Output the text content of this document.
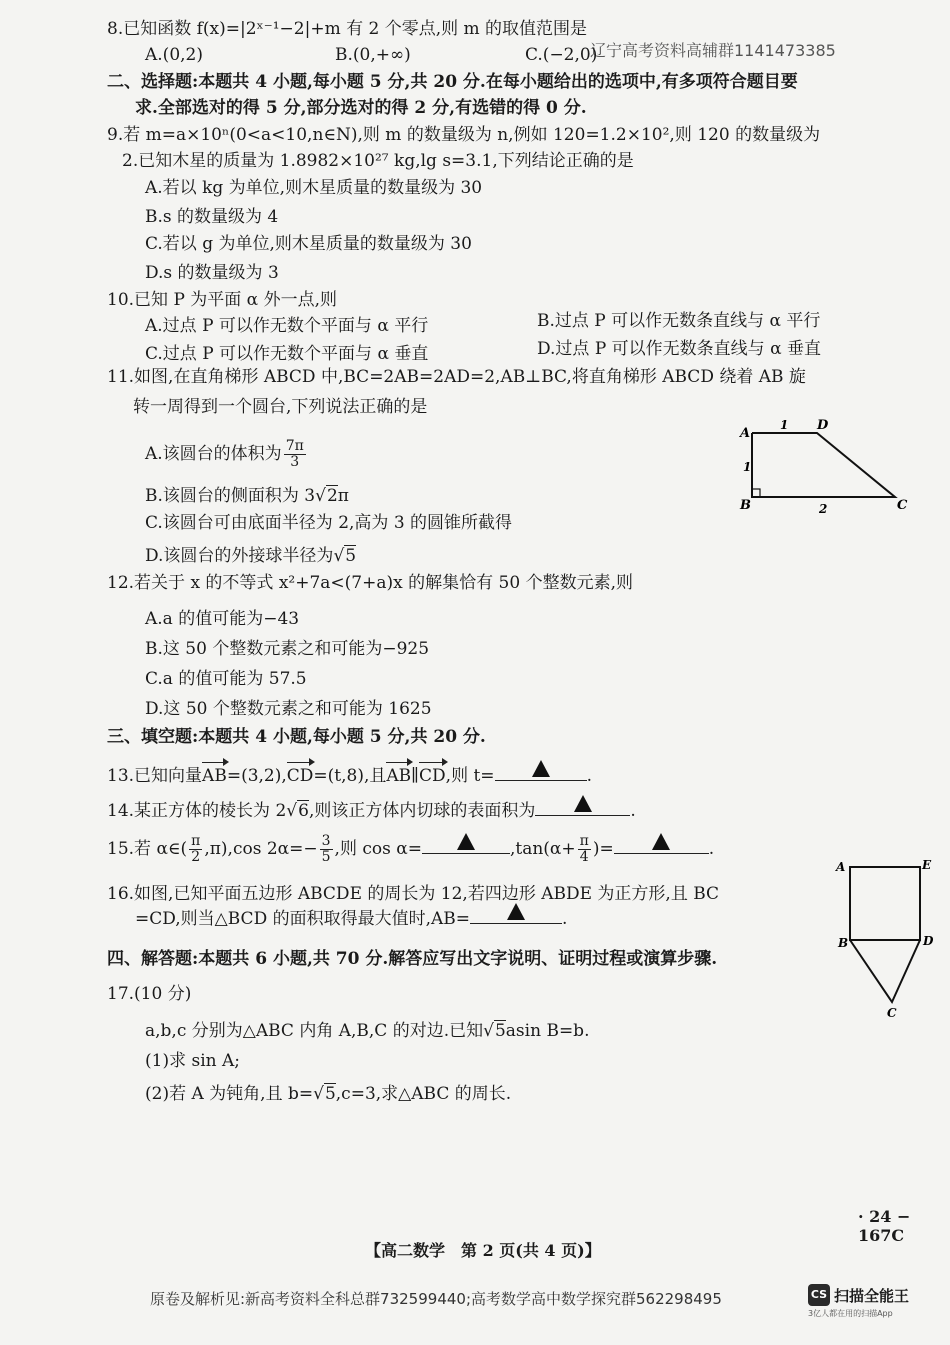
辽宁高考资料高辅群1141473385
8.已知函数 f(x)=|2ˣ⁻¹−2|+m 有 2 个零点,则 m 的取值范围是
A.(0,2)	B.(0,+∞)	C.(−2,0)
二、选择题:本题共 4 小题,每小题 5 分,共 20 分.在每小题给出的选项中,有多项符合题目要
求.全部选对的得 5 分,部分选对的得 2 分,有选错的得 0 分.
9.若 m=a×10ⁿ(0<a<10,n∈N),则 m 的数量级为 n,例如 120=1.2×10²,则 120 的数量级为
2.已知木星的质量为 1.8982×10²⁷ kg,lg s=3.1,下列结论正确的是
A.若以 kg 为单位,则木星质量的数量级为 30
B.s 的数量级为 4
C.若以 g 为单位,则木星质量的数量级为 30
D.s 的数量级为 3
10.已知 P 为平面 α 外一点,则
A.过点 P 可以作无数个平面与 α 平行	B.过点 P 可以作无数条直线与 α 平行
C.过点 P 可以作无数个平面与 α 垂直	D.过点 P 可以作无数条直线与 α 垂直
11.如图,在直角梯形 ABCD 中,BC=2AB=2AD=2,AB⊥BC,将直角梯形 ABCD 绕着 AB 旋
转一周得到一个圆台,下列说法正确的是
A.该圆台的体积为 $\frac{7\pi}{3}$
B.该圆台的侧面积为 3√2π
C.该圆台可由底面半径为 2,高为 3 的圆锥所截得
D.该圆台的外接球半径为√5
A
D
1
1
B	C
2
12.若关于 x 的不等式 x²+7a<(7+a)x 的解集恰有 50 个整数元素,则
A.a 的值可能为−43
B.这 50 个整数元素之和可能为−925
C.a 的值可能为 57.5
D.这 50 个整数元素之和可能为 1625
三、填空题:本题共 4 小题,每小题 5 分,共 20 分.
13.已知向量AB=(3,2),CD=(t,8),且AB∥CD,则 t=	.
14.某正方体的棱长为 2√6,则该正方体内切球的表面积为	.
15.若 α∈( $\frac{\pi}{2} ,\pi),\cos$ $2\alpha=- \frac{3}{5}$ ,则 cos α=	$,\tan(\alpha+ \frac{\pi}{4}$ )=	.
16.如图,已知平面五边形 ABCDE 的周长为 12,若四边形 ABDE 为正方形,且 BC
=CD,则当△BCD 的面积取得最大值时,AB=	.
A	E
B	D
C
四、解答题:本题共 6 小题,共 70 分.解答应写出文字说明、证明过程或演算步骤.
17.(10 分)
a,b,c 分别为△ABC 内角 A,B,C 的对边.已知√5asin B=b.
(1)求 sin A;
(2)若 A 为钝角,且 b=√5,c=3,求△ABC 的周长.
· 24 − 167C
【高二数学　第 2 页(共 4 页)】
原卷及解析见:新高考资料全科总群732599440;高考数学高中数学探究群562298495	CS 扫描全能王
3亿人都在用的扫描App
